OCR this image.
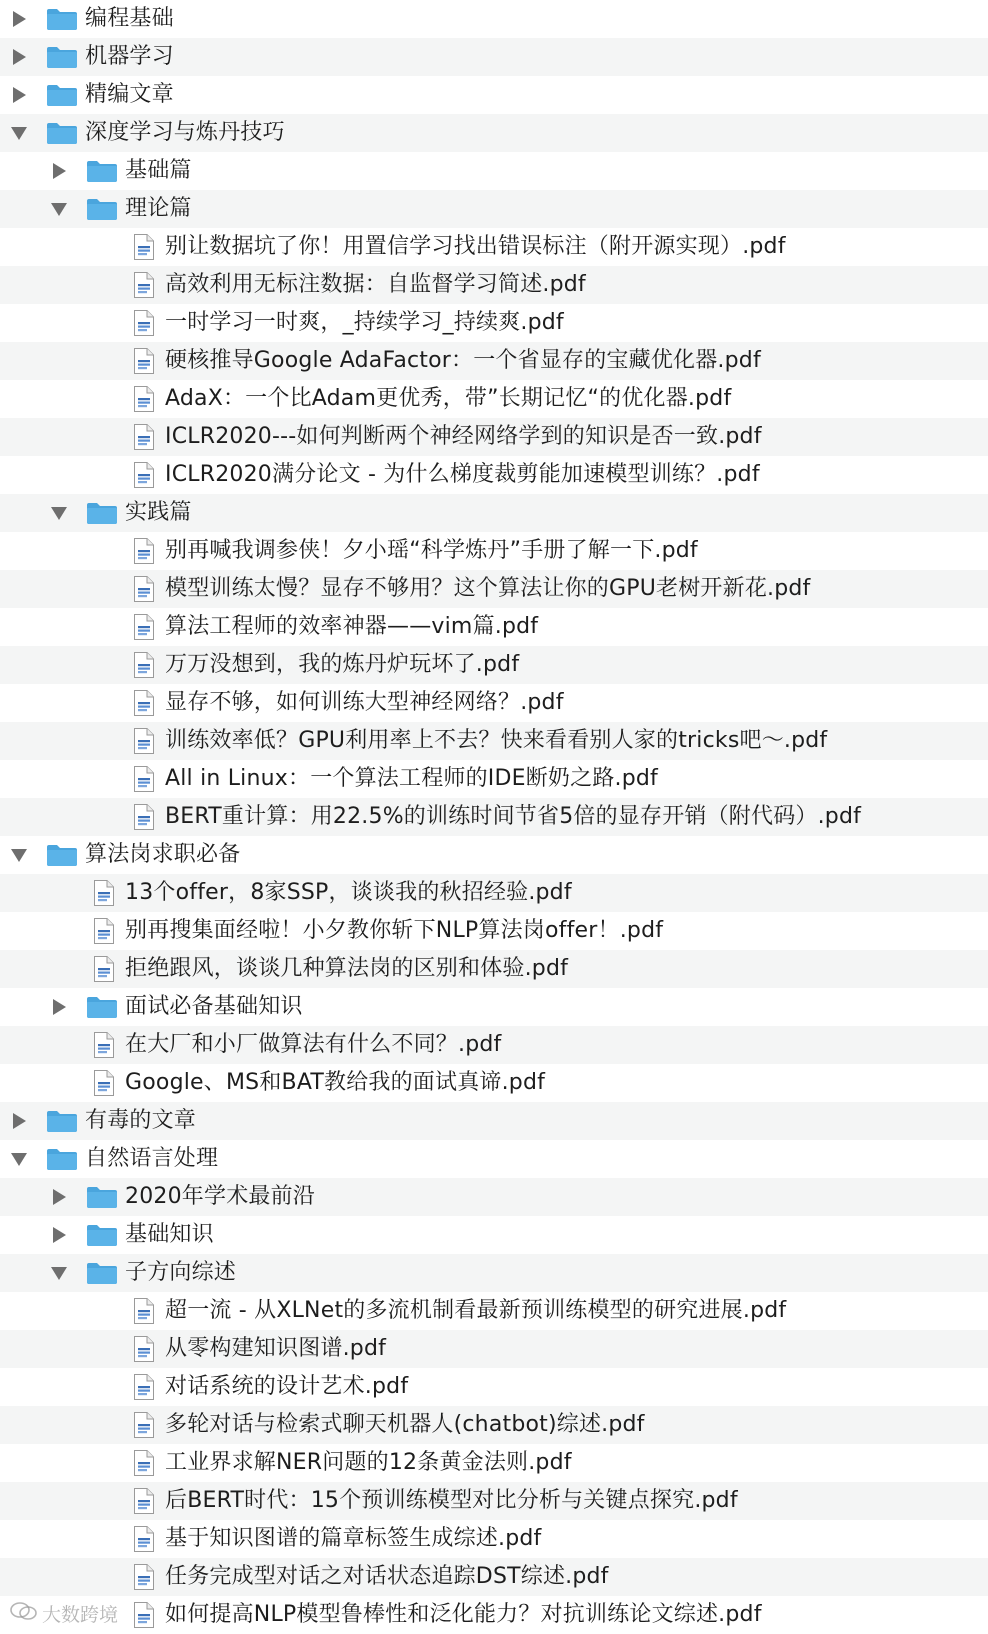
编程基础
机器学习
精编文章
深度学习与炼丹技巧
基础篇
理论篇
别让数据坑了你！用置信学习找出错误标注（附开源实现）.pdf
高效利用无标注数据：自监督学习简述.pdf
一时学习一时爽，_持续学习_持续爽.pdf
硬核推导Google AdaFactor：一个省显存的宝藏优化器.pdf
AdaX：一个比Adam更优秀，带”长期记忆“的优化器.pdf
ICLR2020---如何判断两个神经网络学到的知识是否一致.pdf
ICLR2020满分论文 - 为什么梯度裁剪能加速模型训练？.pdf
实践篇
别再喊我调参侠！夕小瑶“科学炼丹”手册了解一下.pdf
模型训练太慢？显存不够用？这个算法让你的GPU老树开新花.pdf
算法工程师的效率神器——vim篇.pdf
万万没想到，我的炼丹炉玩坏了.pdf
显存不够，如何训练大型神经网络？.pdf
训练效率低？GPU利用率上不去？快来看看别人家的tricks吧～.pdf
All in Linux：一个算法工程师的IDE断奶之路.pdf
BERT重计算：用22.5%的训练时间节省5倍的显存开销（附代码）.pdf
算法岗求职必备
13个offer，8家SSP，谈谈我的秋招经验.pdf
别再搜集面经啦！小夕教你斩下NLP算法岗offer！.pdf
拒绝跟风，谈谈几种算法岗的区别和体验.pdf
面试必备基础知识
在大厂和小厂做算法有什么不同？.pdf
Google、MS和BAT教给我的面试真谛.pdf
有毒的文章
自然语言处理
2020年学术最前沿
基础知识
子方向综述
超一流 - 从XLNet的多流机制看最新预训练模型的研究进展.pdf
从零构建知识图谱.pdf
对话系统的设计艺术.pdf
多轮对话与检索式聊天机器人(chatbot)综述.pdf
工业界求解NER问题的12条黄金法则.pdf
后BERT时代：15个预训练模型对比分析与关键点探究.pdf
基于知识图谱的篇章标签生成综述.pdf
任务完成型对话之对话状态追踪DST综述.pdf
如何提高NLP模型鲁棒性和泛化能力？对抗训练论文综述.pdf
大数跨境
